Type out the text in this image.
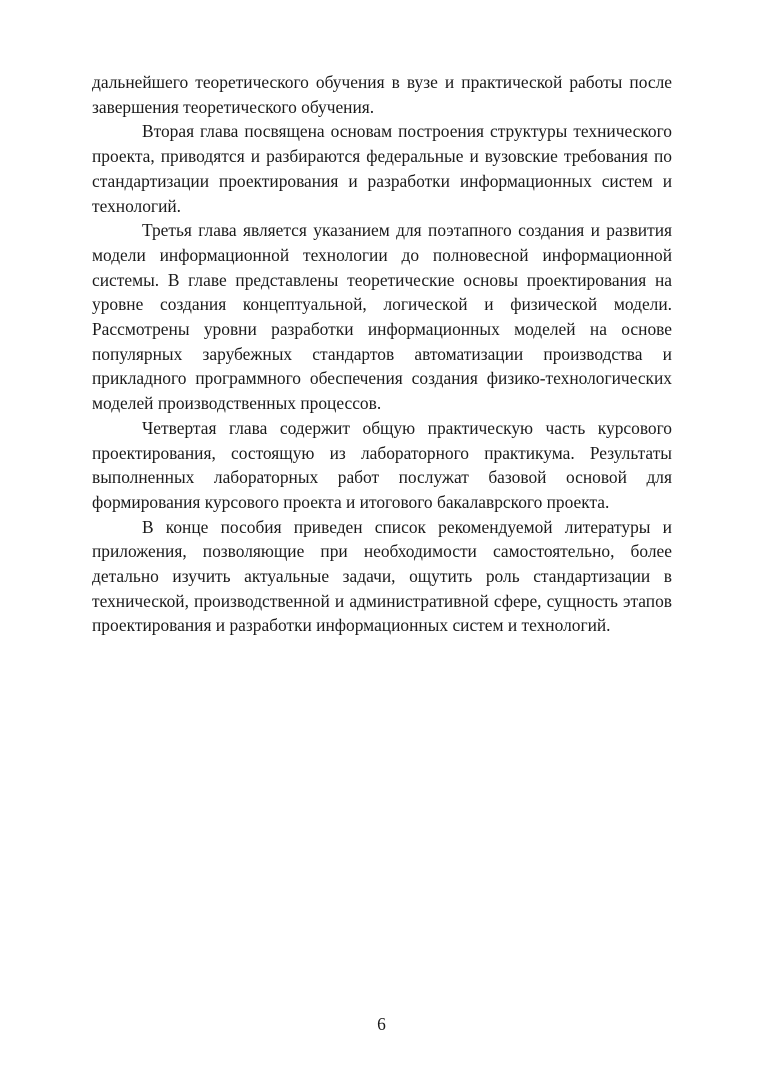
дальнейшего теоретического обучения в вузе и практической работы после завершения теоретического обучения.

Вторая глава посвящена основам построения структуры технического проекта, приводятся и разбираются федеральные и вузовские требования по стандартизации проектирования и разработки информационных систем и технологий.

Третья глава является указанием для поэтапного создания и развития модели информационной технологии до полновесной информационной системы. В главе представлены теоретические основы проектирования на уровне создания концептуальной, логической и физической модели. Рассмотрены уровни разработки информационных моделей на основе популярных зарубежных стандартов автоматизации производства и прикладного программного обеспечения создания физико-технологических моделей производственных процессов.

Четвертая глава содержит общую практическую часть курсового проектирования, состоящую из лабораторного практикума. Результаты выполненных лабораторных работ послужат базовой основой для формирования курсового проекта и итогового бакалаврского проекта.

В конце пособия приведен список рекомендуемой литературы и приложения, позволяющие при необходимости самостоятельно, более детально изучить актуальные задачи, ощутить роль стандартизации в технической, производственной и административной сфере, сущность этапов проектирования и разработки информационных систем и технологий.

6
